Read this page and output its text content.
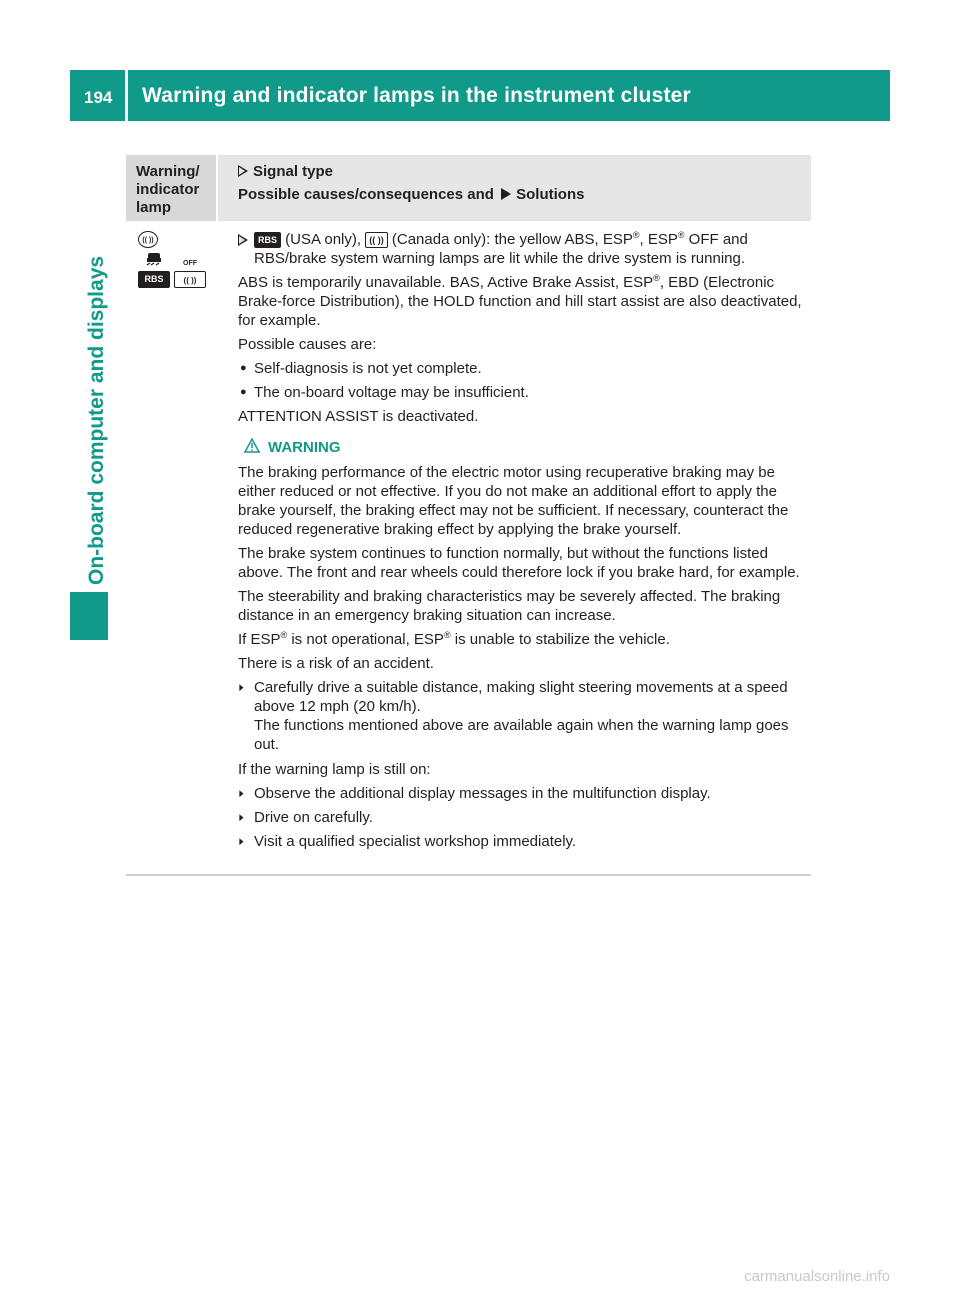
194 Warning and indicator lamps in the instrument cluster
On-board computer and displays
Warning/
indicator
lamp
Signal type
Possible causes/consequences and Solutions
(( ))
OFF
RBS	(( ))
RBS (USA only), (( )) (Canada only): the yellow ABS, ESP®, ESP® OFF and RBS/brake system warning lamps are lit while the drive system is running.

ABS is temporarily unavailable. BAS, Active Brake Assist, ESP®, EBD (Electronic Brake-force Distribution), the HOLD function and hill start assist are also deactivated, for example.

Possible causes are:

● Self-diagnosis is not yet complete.
● The on-board voltage may be insufficient.

ATTENTION ASSIST is deactivated.

WARNING

The braking performance of the electric motor using recuperative braking may be either reduced or not effective. If you do not make an additional effort to apply the brake yourself, the braking effect may not be sufficient. If necessary, counteract the reduced regenerative braking effect by applying the brake yourself.

The brake system continues to function normally, but without the functions listed above. The front and rear wheels could therefore lock if you brake hard, for example.

The steerability and braking characteristics may be severely affected. The braking distance in an emergency braking situation can increase.

If ESP® is not operational, ESP® is unable to stabilize the vehicle.

There is a risk of an accident.

▶ Carefully drive a suitable distance, making slight steering movements at a speed above 12 mph (20 km/h).
The functions mentioned above are available again when the warning lamp goes out.

If the warning lamp is still on:

▶ Observe the additional display messages in the multifunction display.
▶ Drive on carefully.
▶ Visit a qualified specialist workshop immediately.
carmanualsonline.info
